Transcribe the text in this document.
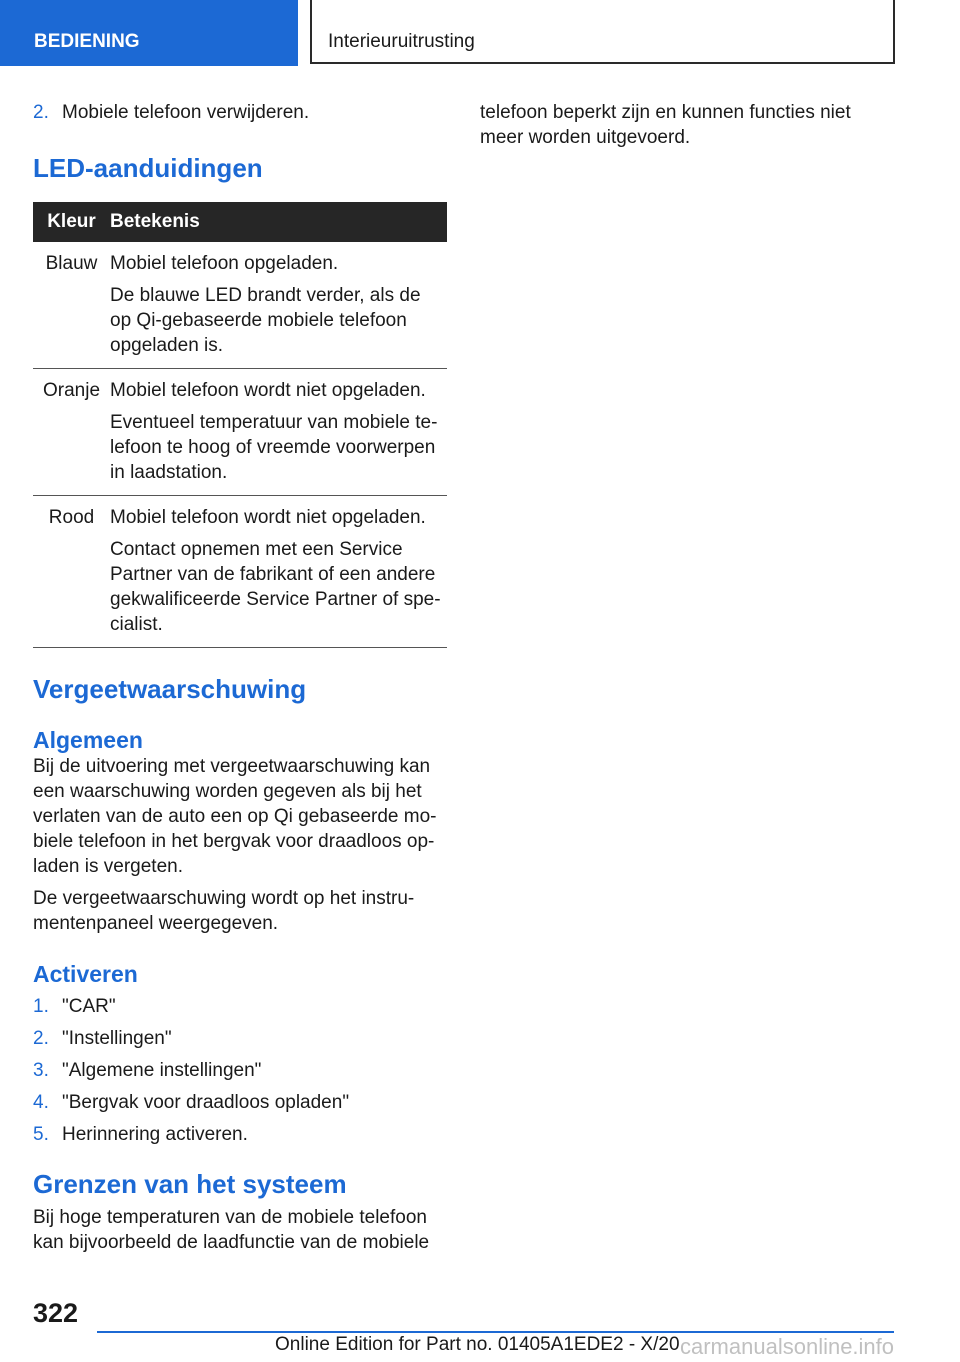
BEDIENING	Interieuruitrusting
2. Mobiele telefoon verwijderen.
LED-aanduidingen
Kleur	Betekenis
Blauw	Mobiel telefoon opgeladen.
De blauwe LED brandt verder, als de op Qi-gebaseerde mobiele telefoon opgeladen is.

Oranje	Mobiel telefoon wordt niet opgeladen.
Eventueel temperatuur van mobiele te-lefoon te hoog of vreemde voorwerpen in laadstation.

Rood	Mobiel telefoon wordt niet opgeladen.
Contact opnemen met een Service Partner van de fabrikant of een andere gekwalificeerde Service Partner of spe-cialist.
Vergeetwaarschuwing
Algemeen

Bij de uitvoering met vergeetwaarschuwing kan een waarschuwing worden gegeven als bij het verlaten van de auto een op Qi gebaseerde mo-biele telefoon in het bergvak voor draadloos op-laden is vergeten.

De vergeetwaarschuwing wordt op het instru-mentenpaneel weergegeven.

Activeren
1. "CAR"
2. "Instellingen"
3. "Algemene instellingen"
4. "Bergvak voor draadloos opladen"
5. Herinnering activeren.
Grenzen van het systeem

Bij hoge temperaturen van de mobiele telefoon kan bijvoorbeeld de laadfunctie van de mobiele

telefoon beperkt zijn en kunnen functies niet meer worden uitgevoerd.

322
Online Edition for Part no. 01405A1EDE2 - X/20 carmanualsonline.info
